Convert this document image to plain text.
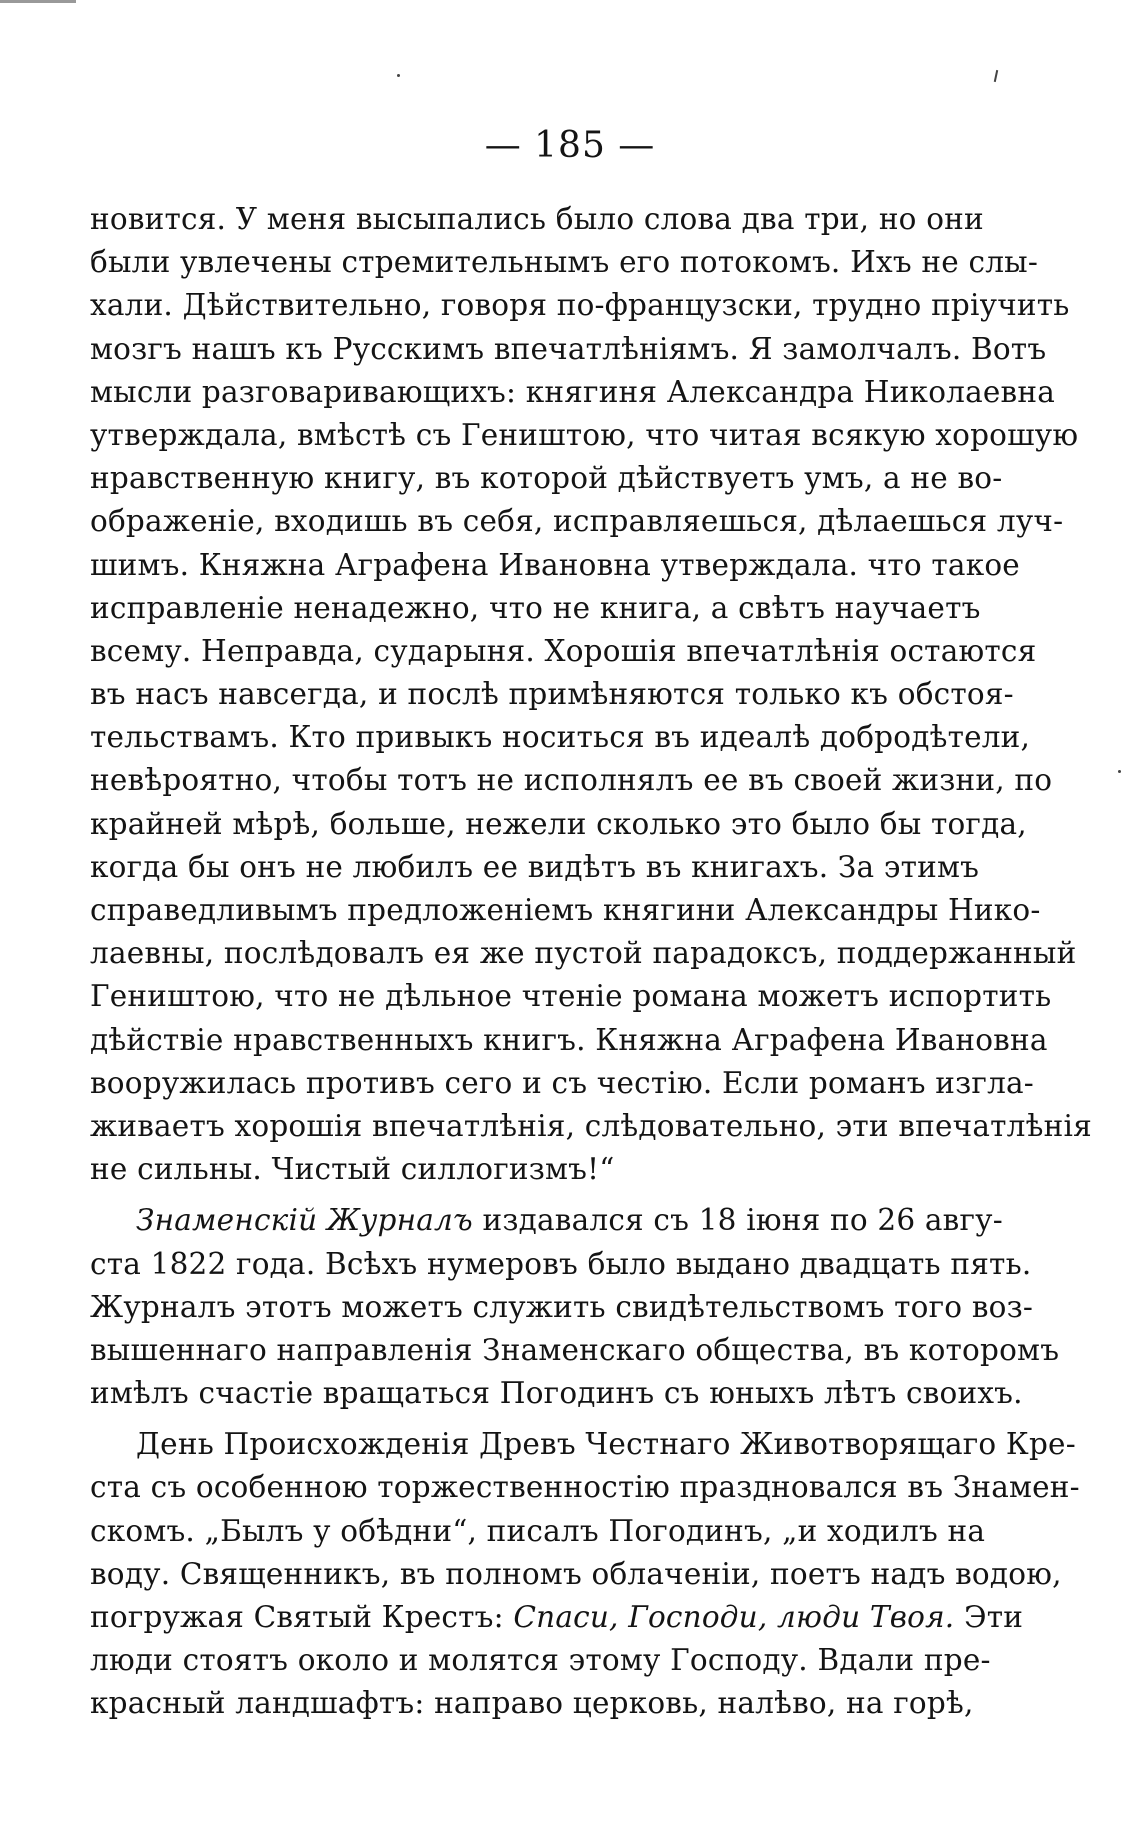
— 185 —
новится. У меня высыпались было слова два три, но они
были увлечены стремительнымъ его потокомъ. Ихъ не слы-
хали. Дѣйствительно, говоря по-французски, трудно пріучить
мозгъ нашъ къ Русскимъ впечатлѣніямъ. Я замолчалъ. Вотъ
мысли разговаривающихъ: княгиня Александра Николаевна
утверждала, вмѣстѣ съ Геништою, что читая всякую хорошую
нравственную книгу, въ которой дѣйствуетъ умъ, а не во-
ображеніе, входишь въ себя, исправляешься, дѣлаешься луч-
шимъ. Княжна Аграфена Ивановна утверждала. что такое
исправленіе ненадежно, что не книга, а свѣтъ научаетъ
всему. Неправда, сударыня. Хорошія впечатлѣнія остаются
въ насъ навсегда, и послѣ примѣняются только къ обстоя-
тельствамъ. Кто привыкъ носиться въ идеалѣ добродѣтели,
невѣроятно, чтобы тотъ не исполнялъ ее въ своей жизни, по
крайней мѣрѣ, больше, нежели сколько это было бы тогда,
когда бы онъ не любилъ ее видѣтъ въ книгахъ. За этимъ
справедливымъ предложеніемъ княгини Александры Нико-
лаевны, послѣдовалъ ея же пустой парадоксъ, поддержанный
Геништою, что не дѣльное чтеніе романа можетъ испортить
дѣйствіе нравственныхъ книгъ. Княжна Аграфена Ивановна
вооружилась противъ сего и съ честію. Если романъ изгла-
живаетъ хорошія впечатлѣнія, слѣдовательно, эти впечатлѣнія
не сильны. Чистый силлогизмъ!“
Знаменскій Журналъ издавался съ 18 іюня по 26 авгу-
ста 1822 года. Всѣхъ нумеровъ было выдано двадцать пять.
Журналъ этотъ можетъ служить свидѣтельствомъ того воз-
вышеннаго направленія Знаменскаго общества, въ которомъ
имѣлъ счастіе вращаться Погодинъ съ юныхъ лѣтъ своихъ.
День Происхожденія Древъ Честнаго Животворящаго Кре-
ста съ особенною торжественностію праздновался въ Знамен-
скомъ. „Былъ у обѣдни“, писалъ Погодинъ, „и ходилъ на
воду. Священникъ, въ полномъ облаченіи, поетъ надъ водою,
погружая Святый Крестъ: Спаси, Господи, люди Твоя. Эти
люди стоятъ около и молятся этому Господу. Вдали пре-
красный ландшафтъ: направо церковь, налѣво, на горѣ,
